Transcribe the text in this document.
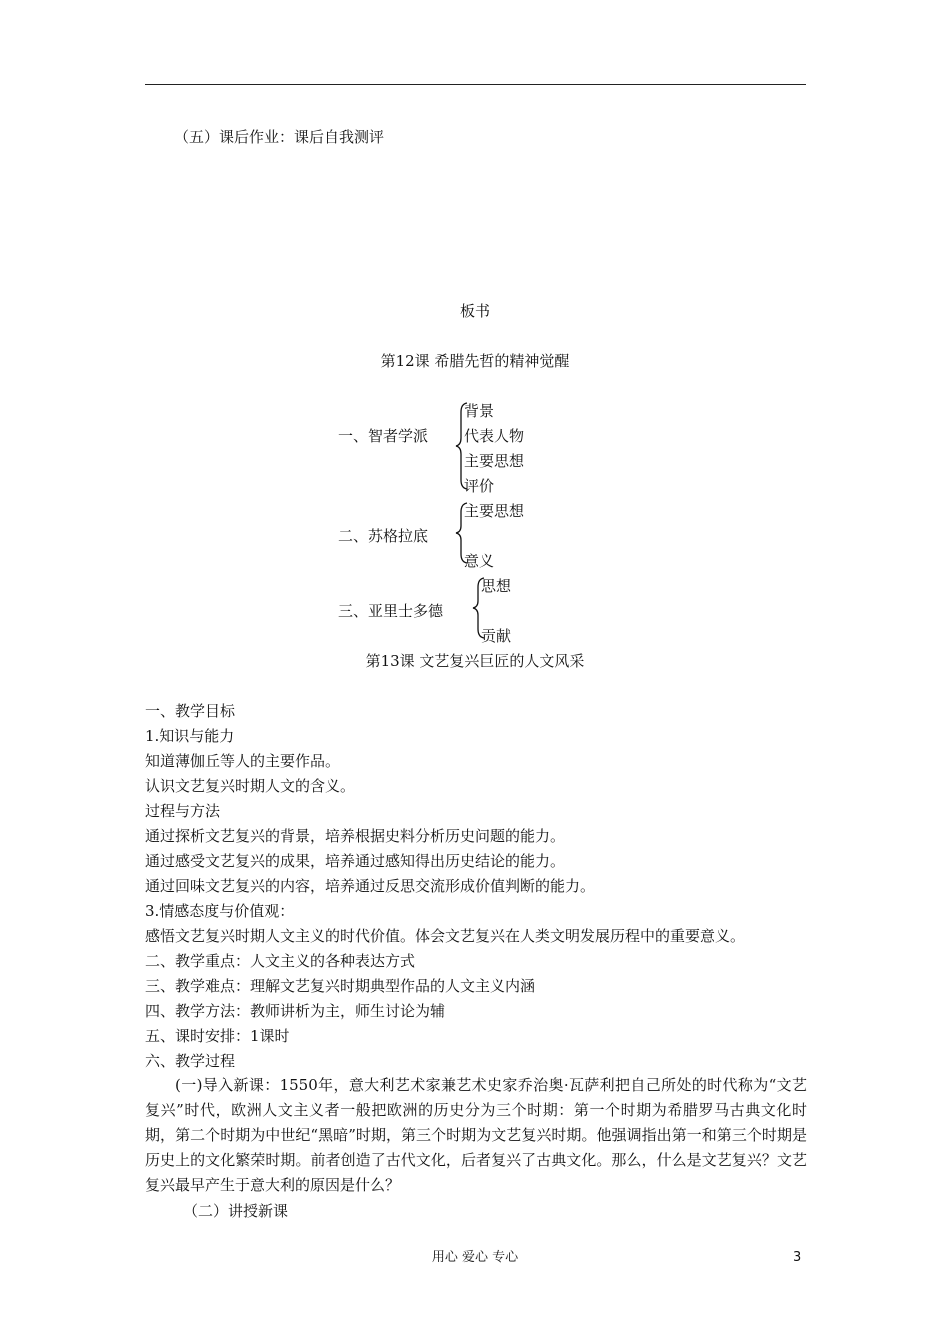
（五）课后作业：课后自我测评
板书
第12课 希腊先哲的精神觉醒
一、智者学派
背景
代表人物
主要思想
评价
二、苏格拉底
主要思想
意义
三、亚里士多德
思想
贡献
第13课 文艺复兴巨匠的人文风采
一、教学目标
1.知识与能力
知道薄伽丘等人的主要作品。
认识文艺复兴时期人文的含义。
过程与方法
通过探析文艺复兴的背景，培养根据史料分析历史问题的能力。
通过感受文艺复兴的成果，培养通过感知得出历史结论的能力。
通过回味文艺复兴的内容，培养通过反思交流形成价值判断的能力。
3.情感态度与价值观：
感悟文艺复兴时期人文主义的时代价值。体会文艺复兴在人类文明发展历程中的重要意义。
二、教学重点：人文主义的各种表达方式
三、教学难点：理解文艺复兴时期典型作品的人文主义内涵
四、教学方法：教师讲析为主，师生讨论为辅
五、课时安排：1课时
六、教学过程
(一)导入新课：1550年，意大利艺术家兼艺术史家乔治奥·瓦萨利把自己所处的时代称为“文艺复兴”时代，欧洲人文主义者一般把欧洲的历史分为三个时期：第一个时期为希腊罗马古典文化时期，第二个时期为中世纪“黑暗”时期，第三个时期为文艺复兴时期。他强调指出第一和第三个时期是历史上的文化繁荣时期。前者创造了古代文化，后者复兴了古典文化。那么，什么是文艺复兴？文艺复兴最早产生于意大利的原因是什么？
（二）讲授新课
用心 爱心 专心	3
